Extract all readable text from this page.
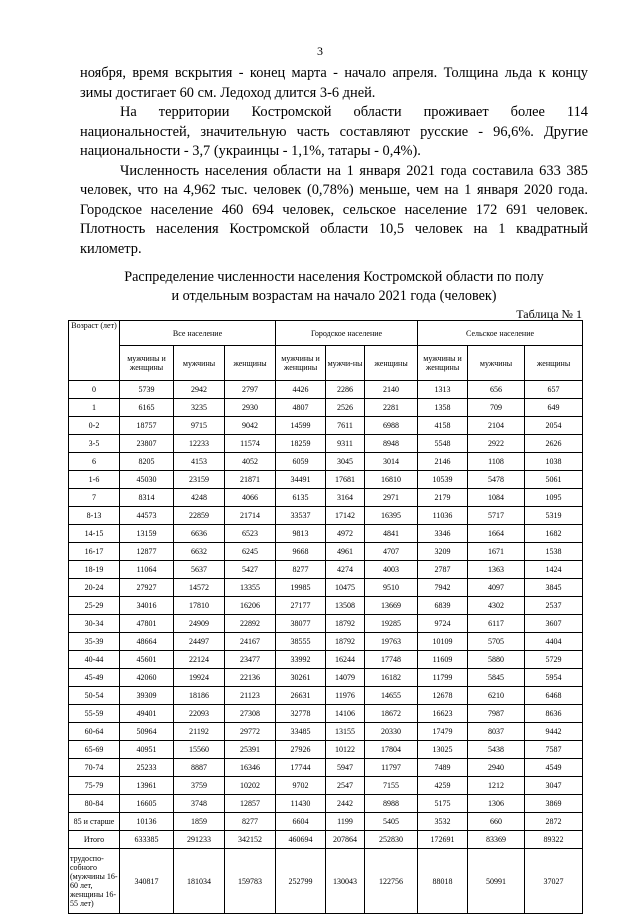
3

ноября, время вскрытия - конец марта - начало апреля. Толщина льда к концу зимы достигает 60 см. Ледоход длится 3-6 дней.

На территории Костромской области проживает более 114 национальностей, значительную часть составляют русские - 96,6%. Другие национальности - 3,7 (украинцы - 1,1%, татары - 0,4%).

Численность населения области на 1 января 2021 года составила 633 385 человек, что на 4,962 тыс. человек (0,78%) меньше, чем на 1 января 2020 года. Городское население 460 694 человек, сельское население 172 691 человек. Плотность населения Костромской области 10,5 человек на 1 квадратный километр.

Распределение численности населения Костромской области по полу
и отдельным возрастам на начало 2021 года (человек)
Таблица № 1
Возраст (лет)	Все население			Городское население			Сельское население		
	мужчины и женщины	мужчины	женщины	мужчины и женщины	мужчи-ны	женщины	мужчины и женщины	мужчины	женщины
0	5739	2942	2797	4426	2286	2140	1313	656	657
1	6165	3235	2930	4807	2526	2281	1358	709	649
0-2	18757	9715	9042	14599	7611	6988	4158	2104	2054
3-5	23807	12233	11574	18259	9311	8948	5548	2922	2626
6	8205	4153	4052	6059	3045	3014	2146	1108	1038
1-6	45030	23159	21871	34491	17681	16810	10539	5478	5061
7	8314	4248	4066	6135	3164	2971	2179	1084	1095
8-13	44573	22859	21714	33537	17142	16395	11036	5717	5319
14-15	13159	6636	6523	9813	4972	4841	3346	1664	1682
16-17	12877	6632	6245	9668	4961	4707	3209	1671	1538
18-19	11064	5637	5427	8277	4274	4003	2787	1363	1424
20-24	27927	14572	13355	19985	10475	9510	7942	4097	3845
25-29	34016	17810	16206	27177	13508	13669	6839	4302	2537
30-34	47801	24909	22892	38077	18792	19285	9724	6117	3607
35-39	48664	24497	24167	38555	18792	19763	10109	5705	4404
40-44	45601	22124	23477	33992	16244	17748	11609	5880	5729
45-49	42060	19924	22136	30261	14079	16182	11799	5845	5954
50-54	39309	18186	21123	26631	11976	14655	12678	6210	6468
55-59	49401	22093	27308	32778	14106	18672	16623	7987	8636
60-64	50964	21192	29772	33485	13155	20330	17479	8037	9442
65-69	40951	15560	25391	27926	10122	17804	13025	5438	7587
70-74	25233	8887	16346	17744	5947	11797	7489	2940	4549
75-79	13961	3759	10202	9702	2547	7155	4259	1212	3047
80-84	16605	3748	12857	11430	2442	8988	5175	1306	3869
85 и старше	10136	1859	8277	6604	1199	5405	3532	660	2872
Итого	633385	291233	342152	460694	207864	252830	172691	83369	89322
трудоспо-собного (мужчины 16-60 лет, женщины 16-55 лет)	340817	181034	159783	252799	130043	122756	88018	50991	37027
